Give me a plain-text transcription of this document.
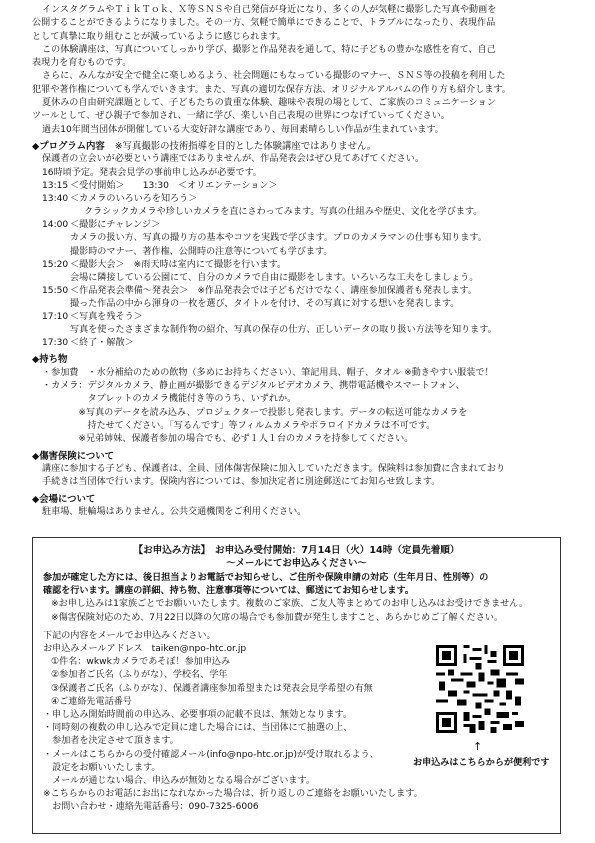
インスタグラムやＴｉｋＴｏｋ、Ｘ等ＳＮＳや自己発信が身近になり、多くの人が気軽に撮影した写真や動画を

公開することができるようになりました。その一方、気軽で簡単にできることで、トラブルになったり、表現作品

として真摯に取り組むことが減っているように感じられます。

この体験講座は、写真についてしっかり学び、撮影と作品発表を通して、特に子どもの豊かな感性を育て、自己

表現力を育むものです。

さらに、みんなが安全で健全に楽しめるよう、社会問題にもなっている撮影のマナー、ＳＮＳ等の投稿を利用した

犯罪や著作権についても学んでいきます。また、写真の適切な保存方法、オリジナルアルバムの作り方も紹介します。

夏休みの自由研究課題として、子どもたちの貴重な体験、趣味や表現の場として、ご家族のコミュニケーション

ツールとして、ぜひ親子で参加され、一緒に学び、楽しい自己表現の世界につなげていってください。

過去10年間当団体が開催している大変好評な講座であり、毎回素晴らしい作品が生まれています。

◆プログラム内容 ※写真撮影の技術指導を目的とした体験講座ではありません。

保護者の立会いが必要という講座ではありませんが、作品発表会はぜひ見てあげてください。

16時頃予定。発表会見学の事前申し込みが必要です。

13:15 ＜受付開始＞　　13:30　＜オリエンテーション＞
13:40 ＜カメラのいろいろを知ろう＞
クラシックカメラや珍しいカメラを直にさわってみます。写真の仕組みや歴史、文化を学びます。
14:00 ＜撮影にチャレンジ＞
カメラの扱い方、写真の撮り方の基本やコツを実践で学びます。プロのカメラマンの仕事も知ります。
撮影時のマナー、著作権、公開時の注意等についても学びます。
15:20 ＜撮影大会＞　※雨天時は室内にて撮影を行います。
会場に隣接している公園にて、自分のカメラで自由に撮影をします。いろいろな工夫をしましょう。
15:50 ＜作品発表会準備～発表会＞　※作品発表会では子どもだけでなく、講座参加保護者も発表します。
撮った作品の中から渾身の一枚を選び、タイトルを付け、その写真に対する想いを発表します。
17:10 ＜写真を残そう＞
写真を使ったさまざまな制作物の紹介、写真の保存の仕方、正しいデータの取り扱い方法等を知ります。
17:30 ＜終了・解散＞
◆持ち物

・参加費　・水分補給のための飲物（多めにお持ちください）、筆記用具、帽子、タオル ※動きやすい服装で！

・カメラ：デジタルカメラ、静止画が撮影できるデジタルビデオカメラ、携帯電話機やスマートフォン、

　　　　　タブレットのカメラ機能付き等のうち、いずれか。

　　　　※写真のデータを読み込み、プロジェクターで投影し発表します。データの転送可能なカメラを

　　　　　持たせてください。「写るんです」等フィルムカメラやポラロイドカメラは不可です。

　　　　※兄弟姉妹、保護者参加の場合でも、必ず１人１台のカメラを持参してください。

◆傷害保険について

講座に参加する子ども、保護者は、全員、団体傷害保険に加入していただきます。保険料は参加費に含まれており

手続きは当団体で行います。保険内容については、参加決定者に別途郵送にてお知らせ致します。

◆会場について

駐車場、駐輪場はありません。公共交通機関をご利用ください。

【お申込み方法】　お申込み受付開始：7月14日（火）14時（定員先着順）
～メールにてお申込みください～

参加が確定した方には、後日担当よりお電話でお知らせし、ご住所や保険申請の対応（生年月日、性別等）の

確認を行います。講座の詳細、持ち物、注意事項等については、郵送にてお知らせします。

※お申し込みは1家族ごとでお願いいたします。複数のご家族、ご友人等まとめてのお申し込みはお受けできません。

※傷害保険対応のため、7月22日以降の欠席の場合でも参加費が発生しますこと、あらかじめご了解ください。

下記の内容をメールでお申込みください。

お申込みメールアドレス　taiken@npo-htc.or.jp

①件名：wkwkカメラであそぼ！参加申込み

②参加者ご氏名（ふりがな）、学校名、学年

③保護者ご氏名（ふりがな）、保護者講座参加希望または発表会見学希望の有無

④ご連絡先電話番号

・申し込み開始時間前の申込み、必要事項の記載不良は、無効となります。

・同時刻の複数の申し込みで定員に達した場合には、当団体にて抽選の上、

　参加者を決定させて頂きます。

・メールはこちらからの受付確認メール(info@npo-htc.or.jp)が受け取れるよう、

　設定をお願いいたします。

　メールが通じない場合、申込みが無効となる場合がございます。

※こちらからのお電話にお出になれなかった場合は、折り返しのご連絡をお願いいたします。

　お問い合わせ・連絡先電話番号：090-7325-6006

↑
お申込みはこちらからが便利です
